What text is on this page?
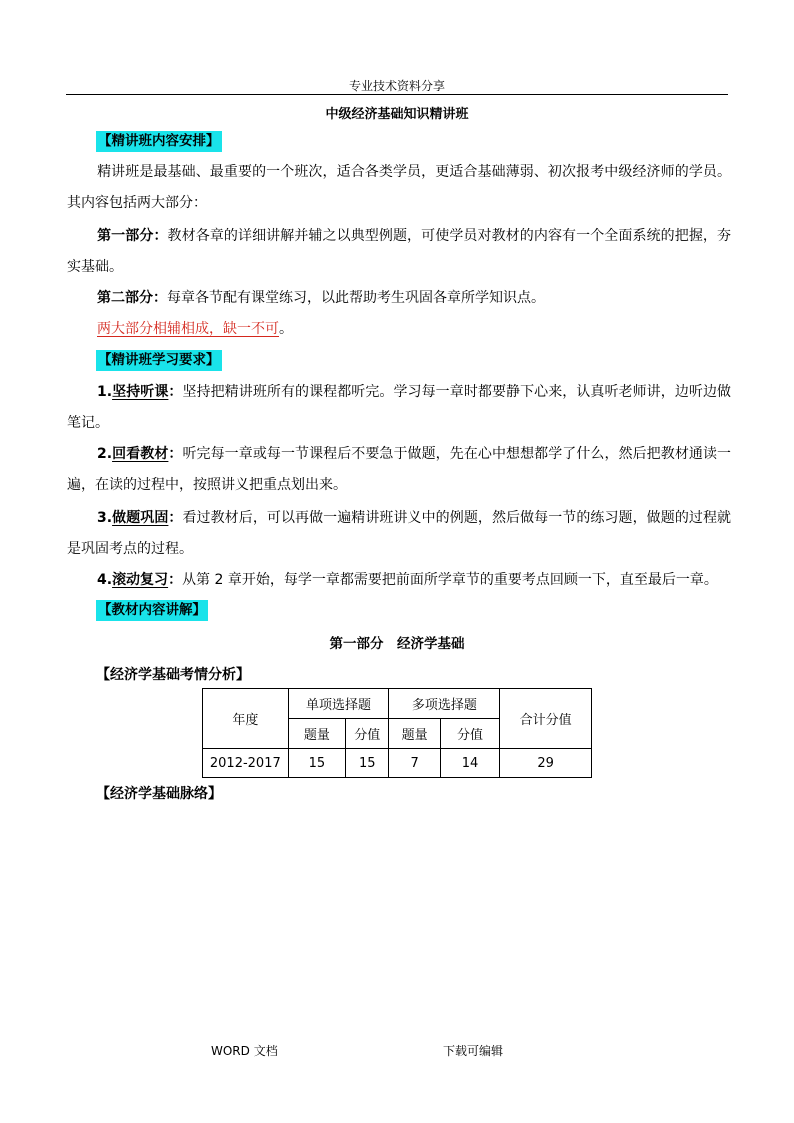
专业技术资料分享
中级经济基础知识精讲班
【精讲班内容安排】

精讲班是最基础、最重要的一个班次，适合各类学员，更适合基础薄弱、初次报考中级经济师的学员。其内容包括两大部分：

第一部分：教材各章的详细讲解并辅之以典型例题，可使学员对教材的内容有一个全面系统的把握，夯实基础。

第二部分：每章各节配有课堂练习，以此帮助考生巩固各章所学知识点。

两大部分相辅相成，缺一不可。

【精讲班学习要求】

1.坚持听课：坚持把精讲班所有的课程都听完。学习每一章时都要静下心来，认真听老师讲，边听边做笔记。

2.回看教材：听完每一章或每一节课程后不要急于做题，先在心中想想都学了什么，然后把教材通读一遍，在读的过程中，按照讲义把重点划出来。

3.做题巩固：看过教材后，可以再做一遍精讲班讲义中的例题，然后做每一节的练习题，做题的过程就是巩固考点的过程。

4.滚动复习：从第 2 章开始，每学一章都需要把前面所学章节的重要考点回顾一下，直至最后一章。

【教材内容讲解】
第一部分　经济学基础
【经济学基础考情分析】
年度	单项选择题		多项选择题		合计分值
	题量	分值	题量	分值	
2012-2017	15	15	7	14	29
【经济学基础脉络】
WORD 文档	下载可编辑
